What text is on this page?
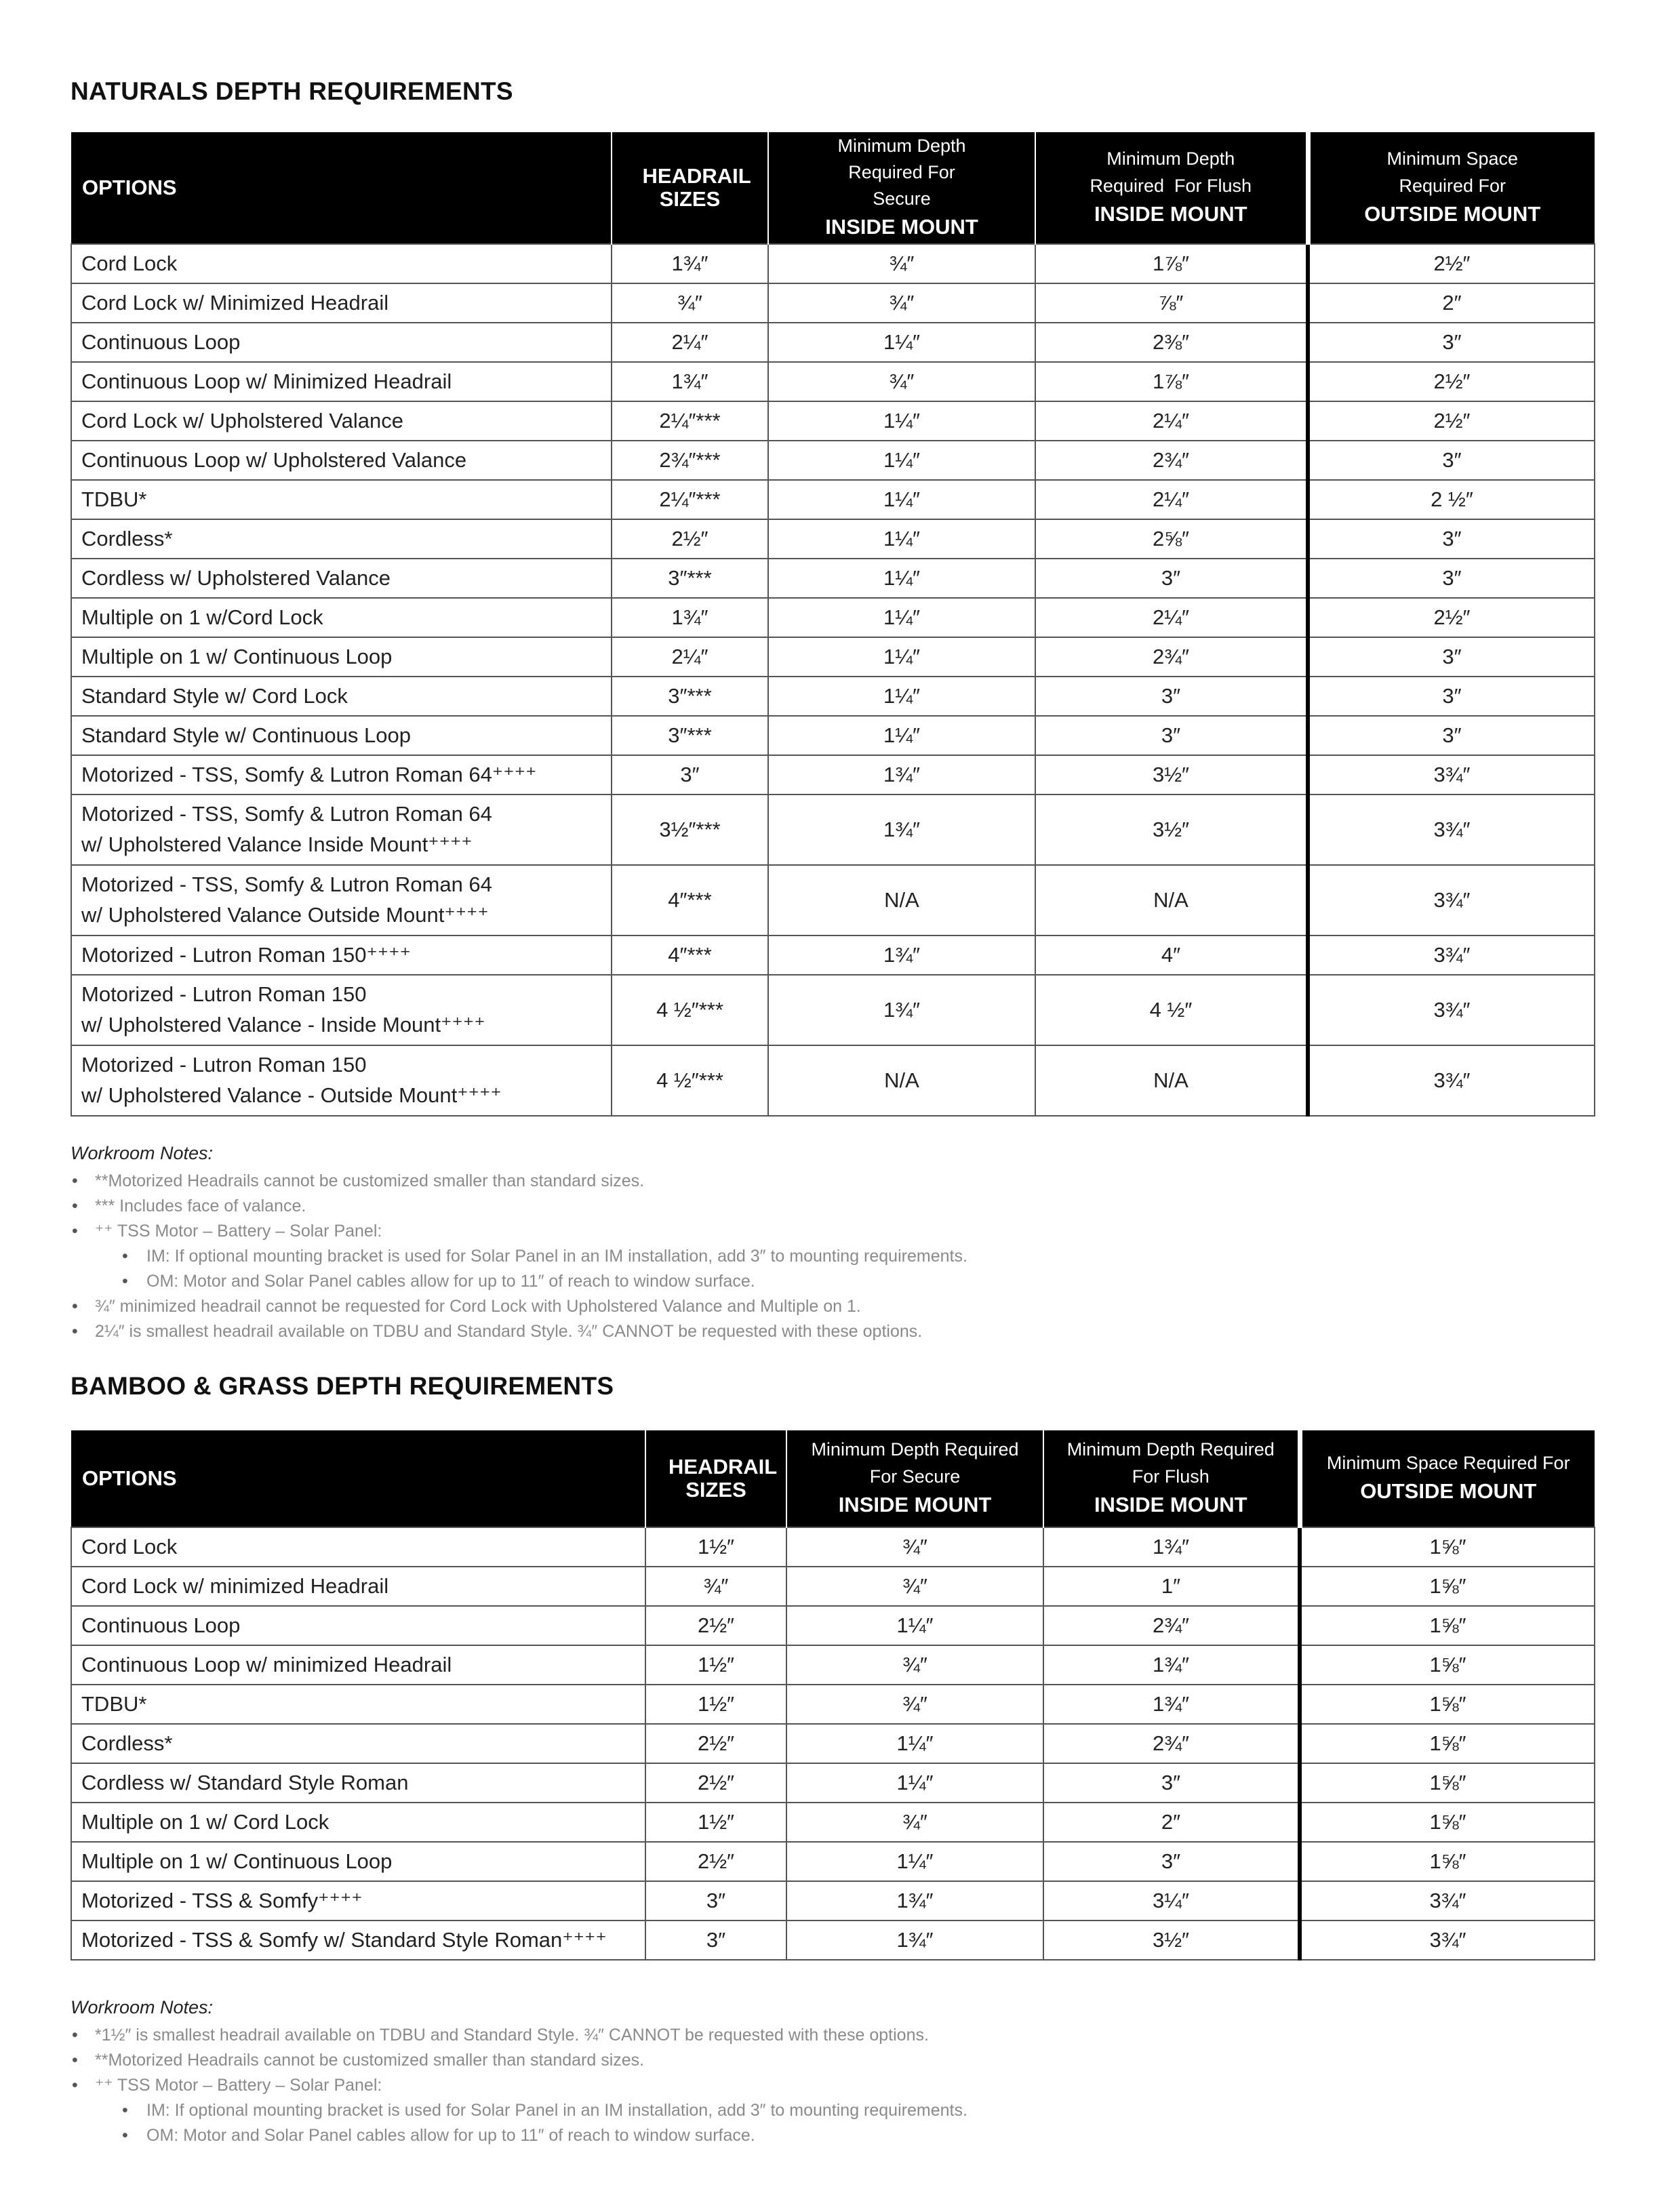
NATURALS DEPTH REQUIREMENTS
OPTIONS	HEADRAIL SIZES	Minimum Depth Required For Secure
INSIDE MOUNT	Minimum Depth Required  For Flush
INSIDE MOUNT	Minimum Space Required For
OUTSIDE MOUNT

Cord Lock	1¾″	¾″	1⅞″	2½″
Cord Lock w/ Minimized Headrail	¾″	¾″	⅞″	2″
Continuous Loop	2¼″	1¼″	2⅜″	3″
Continuous Loop w/ Minimized Headrail	1¾″	¾″	1⅞″	2½″
Cord Lock w/ Upholstered Valance	2¼″***	1¼″	2¼″	2½″
Continuous Loop w/ Upholstered Valance	2¾″***	1¼″	2¾″	3″
TDBU*	2¼″***	1¼″	2¼″	2 ½″
Cordless*	2½″	1¼″	2⅝″	3″
Cordless w/ Upholstered Valance	3″***	1¼″	3″	3″
Multiple on 1 w/Cord Lock	1¾″	1¼″	2¼″	2½″
Multiple on 1 w/ Continuous Loop	2¼″	1¼″	2¾″	3″
Standard Style w/ Cord Lock	3″***	1¼″	3″	3″
Standard Style w/ Continuous Loop	3″***	1¼″	3″	3″
Motorized - TSS, Somfy & Lutron Roman 64⁺⁺⁺⁺	3″	1¾″	3½″	3¾″
Motorized - TSS, Somfy & Lutron Roman 64
w/ Upholstered Valance Inside Mount⁺⁺⁺⁺	3½″***	1¾″	3½″	3¾″
Motorized - TSS, Somfy & Lutron Roman 64
w/ Upholstered Valance Outside Mount⁺⁺⁺⁺	4″***	N/A	N/A	3¾″
Motorized - Lutron Roman 150⁺⁺⁺⁺	4″***	1¾″	4″	3¾″
Motorized - Lutron Roman 150
w/ Upholstered Valance - Inside Mount⁺⁺⁺⁺	4 ½″***	1¾″	4 ½″	3¾″
Motorized - Lutron Roman 150
w/ Upholstered Valance - Outside Mount⁺⁺⁺⁺	4 ½″***	N/A	N/A	3¾″
Workroom Notes:
• **Motorized Headrails cannot be customized smaller than standard sizes.
• *** Includes face of valance.
• ⁺⁺ TSS Motor – Battery – Solar Panel:
• IM: If optional mounting bracket is used for Solar Panel in an IM installation, add 3″ to mounting requirements.
• OM: Motor and Solar Panel cables allow for up to 11″ of reach to window surface.
• ¾″ minimized headrail cannot be requested for Cord Lock with Upholstered Valance and Multiple on 1.
• 2¼″ is smallest headrail available on TDBU and Standard Style. ¾″ CANNOT be requested with these options.
BAMBOO & GRASS DEPTH REQUIREMENTS
OPTIONS	HEADRAIL SIZES	Minimum Depth Required For Secure
INSIDE MOUNT	Minimum Depth Required For Flush
INSIDE MOUNT	Minimum Space Required For
OUTSIDE MOUNT

Cord Lock	1½″	¾″	1¾″	1⅝″
Cord Lock w/ minimized Headrail	¾″	¾″	1″	1⅝″
Continuous Loop	2½″	1¼″	2¾″	1⅝″
Continuous Loop w/ minimized Headrail	1½″	¾″	1¾″	1⅝″
TDBU*	1½″	¾″	1¾″	1⅝″
Cordless*	2½″	1¼″	2¾″	1⅝″
Cordless w/ Standard Style Roman	2½″	1¼″	3″	1⅝″
Multiple on 1 w/ Cord Lock	1½″	¾″	2″	1⅝″
Multiple on 1 w/ Continuous Loop	2½″	1¼″	3″	1⅝″
Motorized - TSS & Somfy⁺⁺⁺⁺	3″	1¾″	3¼″	3¾″
Motorized - TSS & Somfy w/ Standard Style Roman⁺⁺⁺⁺	3″	1¾″	3½″	3¾″
Workroom Notes:
• *1½″ is smallest headrail available on TDBU and Standard Style. ¾″ CANNOT be requested with these options.
• **Motorized Headrails cannot be customized smaller than standard sizes.
• ⁺⁺ TSS Motor – Battery – Solar Panel:
• IM: If optional mounting bracket is used for Solar Panel in an IM installation, add 3″ to mounting requirements.
• OM: Motor and Solar Panel cables allow for up to 11″ of reach to window surface.
